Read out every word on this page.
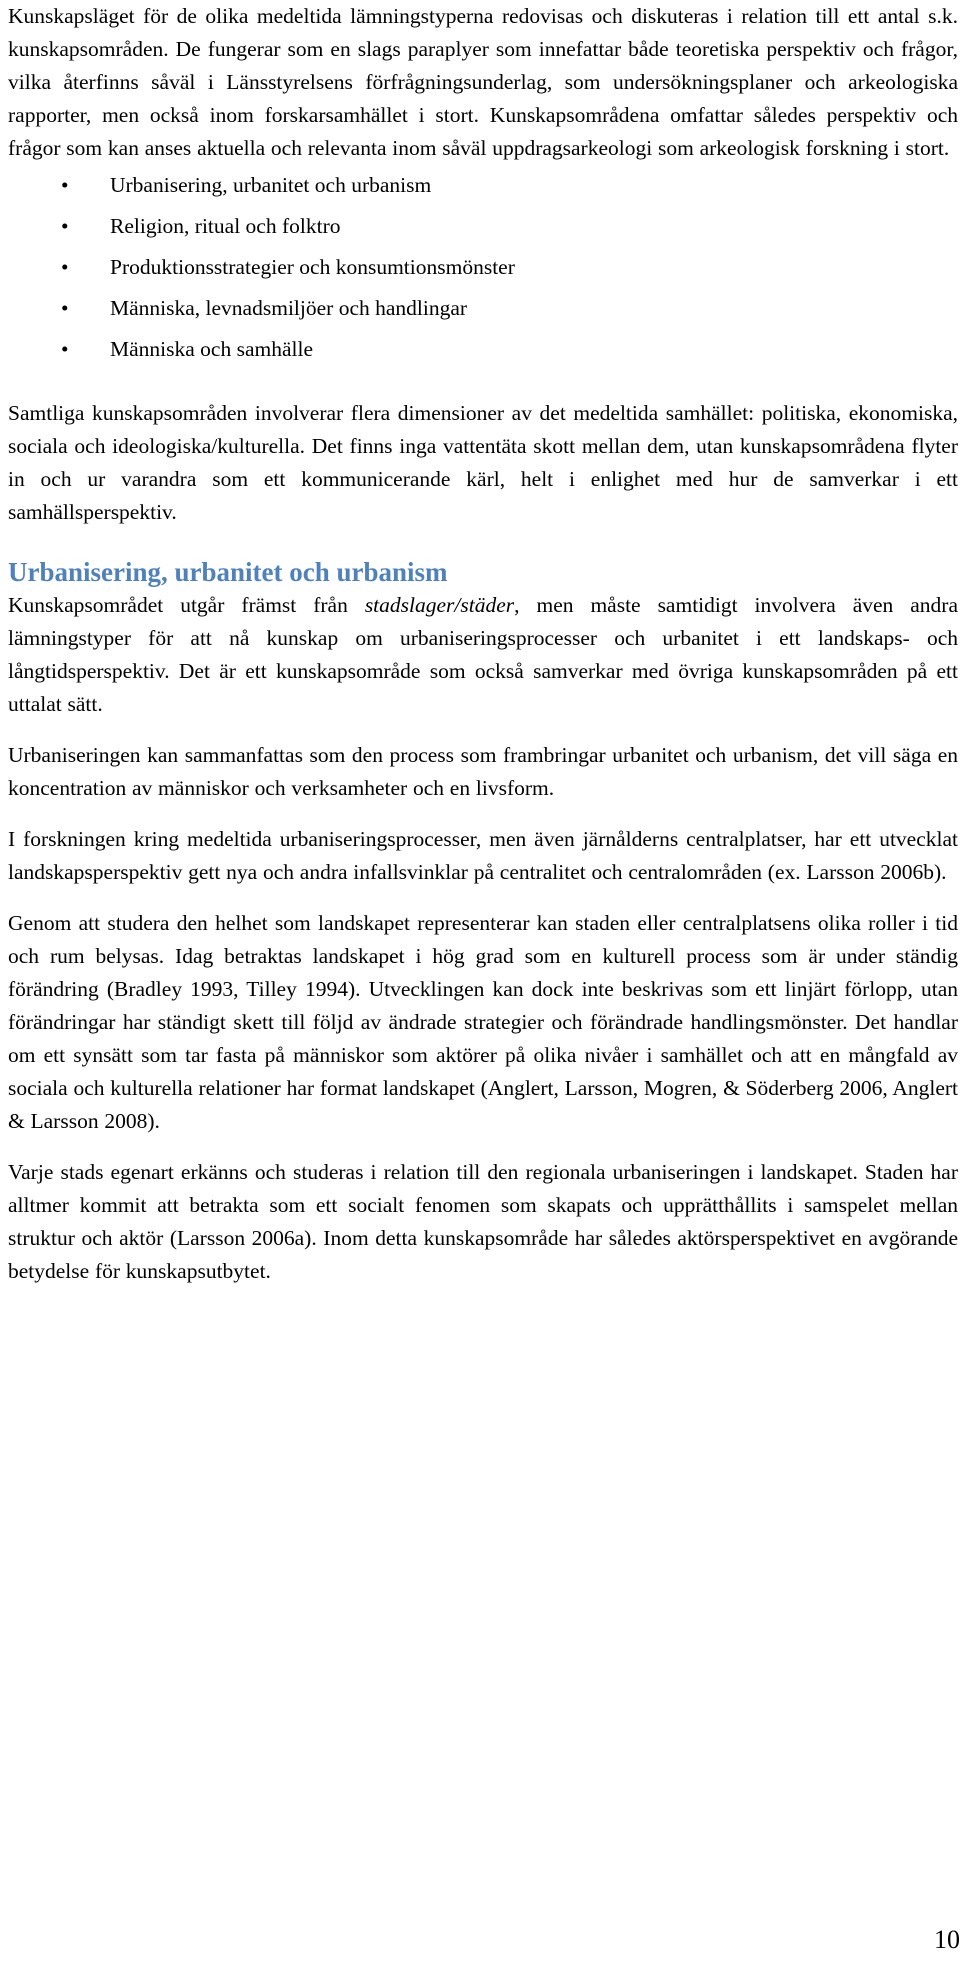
Kunskapsläget för de olika medeltida lämningstyperna redovisas och diskuteras i relation till ett antal s.k. kunskapsområden. De fungerar som en slags paraplyer som innefattar både teoretiska perspektiv och frågor, vilka återfinns såväl i Länsstyrelsens förfrågningsunderlag, som undersökningsplaner och arkeologiska rapporter, men också inom forskarsamhället i stort. Kunskapsområdena omfattar således perspektiv och frågor som kan anses aktuella och relevanta inom såväl uppdragsarkeologi som arkeologisk forskning i stort.

• Urbanisering, urbanitet och urbanism
• Religion, ritual och folktro
• Produktionsstrategier och konsumtionsmönster
• Människa, levnadsmiljöer och handlingar
• Människa och samhälle

Samtliga kunskapsområden involverar flera dimensioner av det medeltida samhället: politiska, ekonomiska, sociala och ideologiska/kulturella. Det finns inga vattentäta skott mellan dem, utan kunskapsområdena flyter in och ur varandra som ett kommunicerande kärl, helt i enlighet med hur de samverkar i ett samhällsperspektiv.

Urbanisering, urbanitet och urbanism

Kunskapsområdet utgår främst från stadslager/städer, men måste samtidigt involvera även andra lämningstyper för att nå kunskap om urbaniseringsprocesser och urbanitet i ett landskaps- och långtidsperspektiv. Det är ett kunskapsområde som också samverkar med övriga kunskapsområden på ett uttalat sätt.

Urbaniseringen kan sammanfattas som den process som frambringar urbanitet och urbanism, det vill säga en koncentration av människor och verksamheter och en livsform.

I forskningen kring medeltida urbaniseringsprocesser, men även järnålderns centralplatser, har ett utvecklat landskapsperspektiv gett nya och andra infallsvinklar på centralitet och centralområden (ex. Larsson 2006b).

Genom att studera den helhet som landskapet representerar kan staden eller centralplatsens olika roller i tid och rum belysas. Idag betraktas landskapet i hög grad som en kulturell process som är under ständig förändring (Bradley 1993, Tilley 1994). Utvecklingen kan dock inte beskrivas som ett linjärt förlopp, utan förändringar har ständigt skett till följd av ändrade strategier och förändrade handlingsmönster. Det handlar om ett synsätt som tar fasta på människor som aktörer på olika nivåer i samhället och att en mångfald av sociala och kulturella relationer har format landskapet (Anglert, Larsson, Mogren, & Söderberg 2006, Anglert & Larsson 2008).

Varje stads egenart erkänns och studeras i relation till den regionala urbaniseringen i landskapet. Staden har alltmer kommit att betrakta som ett socialt fenomen som skapats och upprätthållits i samspelet mellan struktur och aktör (Larsson 2006a). Inom detta kunskapsområde har således aktörsperspektivet en avgörande betydelse för kunskapsutbytet.

10
